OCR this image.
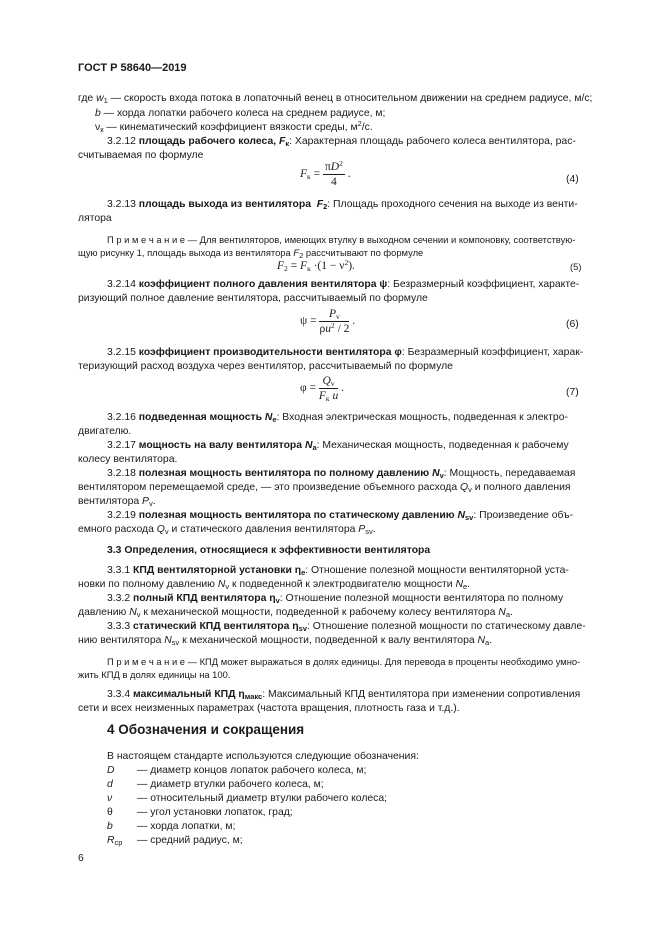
ГОСТ Р 58640—2019
где $w_1$ — скорость входа потока в лопаточный венец в относительном движении на среднем радиусе, м/с;
b — хорда лопатки рабочего колеса на среднем радиусе, м;
$\nu_к$ — кинематический коэффициент вязкости среды, $м^2/с$.
3.2.12 площадь рабочего колеса, $F_к$: Характерная площадь рабочего колеса вентилятора, рас-
считываемая по формуле
$F_к = \frac{\pi D^2}{4}$ .	(4)
3.2.13 площадь выхода из вентилятора  $F_2$: Площадь проходного сечения на выходе из венти-
лятора
П р и м е ч а н и е — Для вентиляторов, имеющих втулку в выходном сечении и компоновку, соответствую-
щую рисунку 1, площадь выхода из вентилятора $F_2$ рассчитывают по формуле
$F_2 = F_к \cdot(1 - \nu^2)$.	(5)
3.2.14 коэффициент полного давления вентилятора ψ: Безразмерный коэффициент, характе-
ризующий полное давление вентилятора, рассчитываемый по формуле
$\psi = \frac{P_v}{\rho u^2 / 2}$ .	(6)
3.2.15 коэффициент производительности вентилятора φ: Безразмерный коэффициент, харак-
теризующий расход воздуха через вентилятор, рассчитываемый по формуле
$\varphi = \frac{Q_v}{F_к u}$ .	(7)
3.2.16 подведенная мощность $N_e$: Входная электрическая мощность, подведенная к электро-
двигателю.
3.2.17 мощность на валу вентилятора $N_a$: Механическая мощность, подведенная к рабочему
колесу вентилятора.
3.2.18 полезная мощность вентилятора по полному давлению $N_v$: Мощность, передаваемая
вентилятором перемещаемой среде, — это произведение объемного расхода $Q_v$ и полного давления
вентилятора $P_v$.
3.2.19 полезная мощность вентилятора по статическому давлению $N_{sv}$: Произведение объ-
емного расхода $Q_v$ и статического давления вентилятора $P_{sv}$.
3.3 Определения, относящиеся к эффективности вентилятора
3.3.1 КПД вентиляторной установки $\eta_e$: Отношение полезной мощности вентиляторной уста-
новки по полному давлению $N_v$ к подведенной к электродвигателю мощности $N_e$.
3.3.2 полный КПД вентилятора $\eta_v$: Отношение полезной мощности вентилятора по полному
давлению $N_v$ к механической мощности, подведенной к рабочему колесу вентилятора $N_a$.
3.3.3 статический КПД вентилятора $\eta_{sv}$: Отношение полезной мощности по статическому давле-
нию вентилятора $N_{sv}$ к механической мощности, подведенной к валу вентилятора $N_a$.
П р и м е ч а н и е — КПД может выражаться в долях единицы. Для перевода в проценты необходимо умно-
жить КПД в долях единицы на 100.
3.3.4 максимальный КПД $\eta_{макс}$: Максимальный КПД вентилятора при изменении сопротивления
сети и всех неизменных параметрах (частота вращения, плотность газа и т.д.).
4 Обозначения и сокращения
В настоящем стандарте используются следующие обозначения:
D — диаметр концов лопаток рабочего колеса, м;
d — диаметр втулки рабочего колеса, м;
ν — относительный диаметр втулки рабочего колеса;
θ — угол установки лопаток, град;
b — хорда лопатки, м;
$R_{ср}$ — средний радиус, м;
6
